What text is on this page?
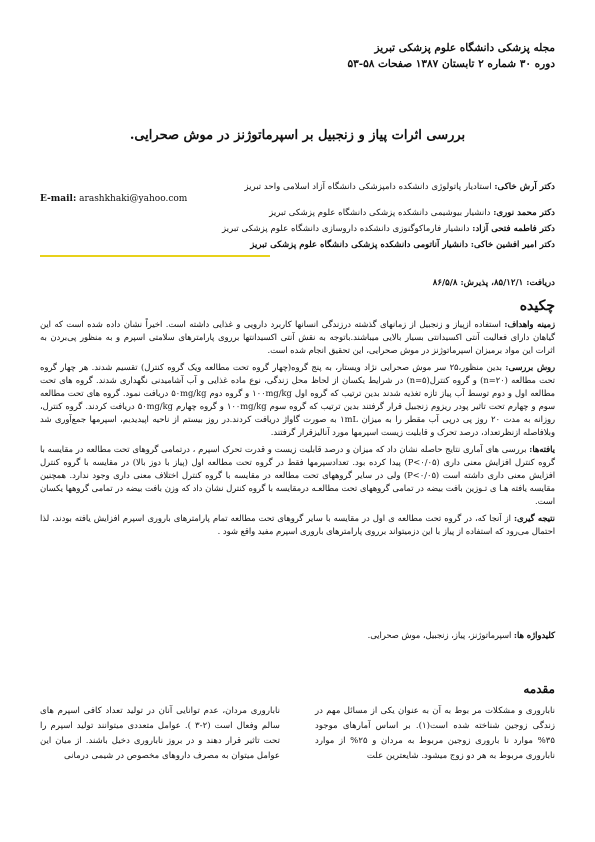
مجله پزشکی دانشگاه علوم پزشکی تبریز
دوره ۳۰ شماره ۲ تابستان ۱۳۸۷ صفحات ۵۸-۵۳
بررسی اثرات پیاز و زنجبیل بر اسپرماتوژنز در موش صحرایی.
E-mail: arashkhaki@yahoo.com
دکتر آرش خاکی: استادیار پاتولوژی دانشکده دامپزشکی دانشگاه آزاد اسلامی واحد تبریز
دکتر محمد نوری: دانشیار بیوشیمی دانشکده پزشکی دانشگاه علوم پزشکی تبریز
دکتر فاطمه فتحی آزاد: دانشیار فارماکوگنوزی دانشکده داروسازی دانشگاه علوم پزشکی تبریز
دکتر امیر افشین خاکی: دانشیار آناتومی دانشکده پزشکی دانشگاه علوم پزشکی تبریز
دریافت: ۸۵/۱۲/۱، پذیرش: ۸۶/۵/۸
چکیده

زمینه واهداف: استفاده ازپیاز و زنجبیل از زمانهای گذشته درزندگی انسانها کاربرد دارویی و غذایی داشته است. اخیراً نشان داده شده است که این گیاهان دارای فعالیت آنتی اکسیدانتی بسیار بالایی میباشند.باتوجه به نقش آنتی اکسیدانتها برروی پارامترهای سلامتی اسپرم و به منظور پی‌بردن به اثرات این مواد برمیزان اسپرماتوژنز در موش صحرایی، این تحقیق انجام شده است.

روش بررسی: بدین منظور،۲۵ سر موش صحرایی نژاد ویستار، به پنج گروه(چهار گروه تحت مطالعه ویک گروه کنترل) تقسیم شدند. هر چهار گروه تحت مطالعه (n=۲۰) و گروه کنترل(n=۵) در شرایط یکسان از لحاظ محل زندگی، نوع ماده غذایی و آب آشامیدنی نگهداری شدند. گروه های تحت مطالعه اول و دوم توسط آب پیاز تازه تغذیه شدند بدین ترتیب که گروه اول ۱۰۰mg/kg و گروه دوم ۵۰mg/kg دریافت نمود. گروه های تحت مطالعه سوم و چهارم تحت تاثیر پودر ریزوم زنجبیل قرار گرفتند بدین ترتیب که گروه سوم ۱۰۰mg/kg و گروه چهارم ۵۰mg/kg دریافت کردند. گروه کنترل، روزانه به مدت ۲۰ روز پی درپی آب مقطر را به میزان ۱mL به صورت گاواژ دریافت کردند.در روز بیستم از ناحیه اپیدیدیم، اسپرمها جمع‌آوری شد وبلافاصله ازنظرتعداد، درصد تحرک و قابلیت زیست اسپرمها مورد آنالیزقرار گرفتند.

یافته‌ها: بررسی های آماری نتایج حاصله نشان داد که میزان و درصد قابلیت زیست و قدرت تحرک اسپرم ، درتمامی گروهای تحت مطالعه در مقایسه با گروه کنترل افزایش معنی داری (P<۰/۰۵) پیدا کرده بود. تعدادسپرمها فقط در گروه تحت مطالعه اول (پیاز با دوز بالا) در مقایسه با گروه کنترل افزایش معنی داری داشته است (P<۰/۰۵) ولی در سایر گروههای تحت مطالعه در مقایسه با گروه کنترل اختلاف معنی داری وجود ندارد. همچنین مقایسه یافته هـا ی تـوزین بافت بیضه در تمامی گروههای تحت مطالعـه درمقایسه با گروه کنترل نشان داد که وزن بافت بیضه در تمامی گروهها یکسان است.

نتیجه گیری: از آنجا که، در گروه تحت مطالعه ی اول در مقایسه با سایر گروهای تحت مطالعه تمام پارامترهای باروری اسپرم افزایش یافته بودند، لذا احتمال می‌رود که استفاده از پیاز با این دزمیتواند برروی پارامترهای باروری اسپرم مفید واقع شود .

کلیدواژه ها: اسپرماتوژنز، پیاز، زنجبیل، موش صحرایی.
مقدمه
ناباروری و مشکلات مر بوط به آن به عنوان یکی از مسائل مهم در زندگی زوجین شناخته شده است(۱). بر اساس آمارهای موجود ۳۵% موارد نا باروری زوجین مربوط به مردان و ۲۵% از موارد ناباروری مربوط به هر دو زوج میشود. شایعترین علت
ناباروری مردان، عدم توانایی آنان در تولید تعداد کافی اسپرم های سالم وفعال است (۲-۳ ). عوامل متعددی میتوانند تولید اسپرم را تحت تاثیر قرار دهند و در بروز ناباروری دخیل باشند. از میان این عوامل میتوان به مصرف داروهای مخصوص در شیمی درمانی
